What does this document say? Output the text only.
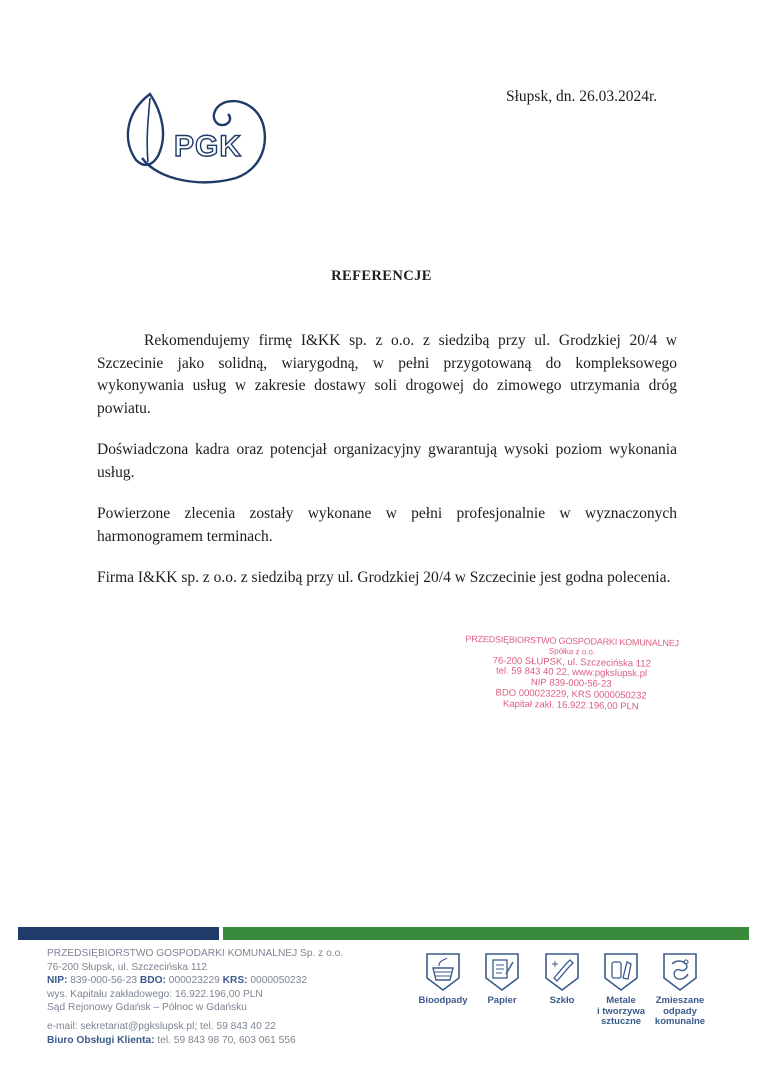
PGK
Słupsk, dn. 26.03.2024r.
REFERENCJE

Rekomendujemy firmę I&KK sp. z o.o. z siedzibą przy ul. Grodzkiej 20/4 w Szczecinie jako solidną, wiarygodną, w pełni przygotowaną do kompleksowego wykonywania usług w zakresie dostawy soli drogowej do zimowego utrzymania dróg powiatu.

Doświadczona kadra oraz potencjał organizacyjny gwarantują wysoki poziom wykonania usług.

Powierzone zlecenia zostały wykonane w pełni profesjonalnie w wyznaczonych harmonogramem terminach.

Firma I&KK sp. z o.o. z siedzibą przy ul. Grodzkiej 20/4 w Szczecinie jest godna polecenia.

PRZEDSIĘBIORSTWO GOSPODARKI KOMUNALNEJ
Spółka z o.o.
76-200 SŁUPSK, ul. Szczecińska 112
tel. 59 843 40 22, www.pgkslupsk.pl
NIP 839-000-56-23
BDO 000023229, KRS 0000050232
Kapitał zakł. 16.922.196,00 PLN
PRZEDSIĘBIORSTWO GOSPODARKI KOMUNALNEJ Sp. z o.o.
76-200 Słupsk, ul. Szczecińska 112
NIP: 839-000-56-23 BDO: 000023229 KRS: 0000050232
wys. Kapitału zakładowego: 16.922.196,00 PLN
Sąd Rejonowy Gdańsk – Północ w Gdańsku
e-mail: sekretariat@pgkslupsk.pl; tel. 59 843 40 22
Biuro Obsługi Klienta: tel. 59 843 98 70, 603 061 556
Bioodpady	Papier	Szkło	Metale
i tworzywa
sztuczne
Zmieszane
odpady
komunalne
